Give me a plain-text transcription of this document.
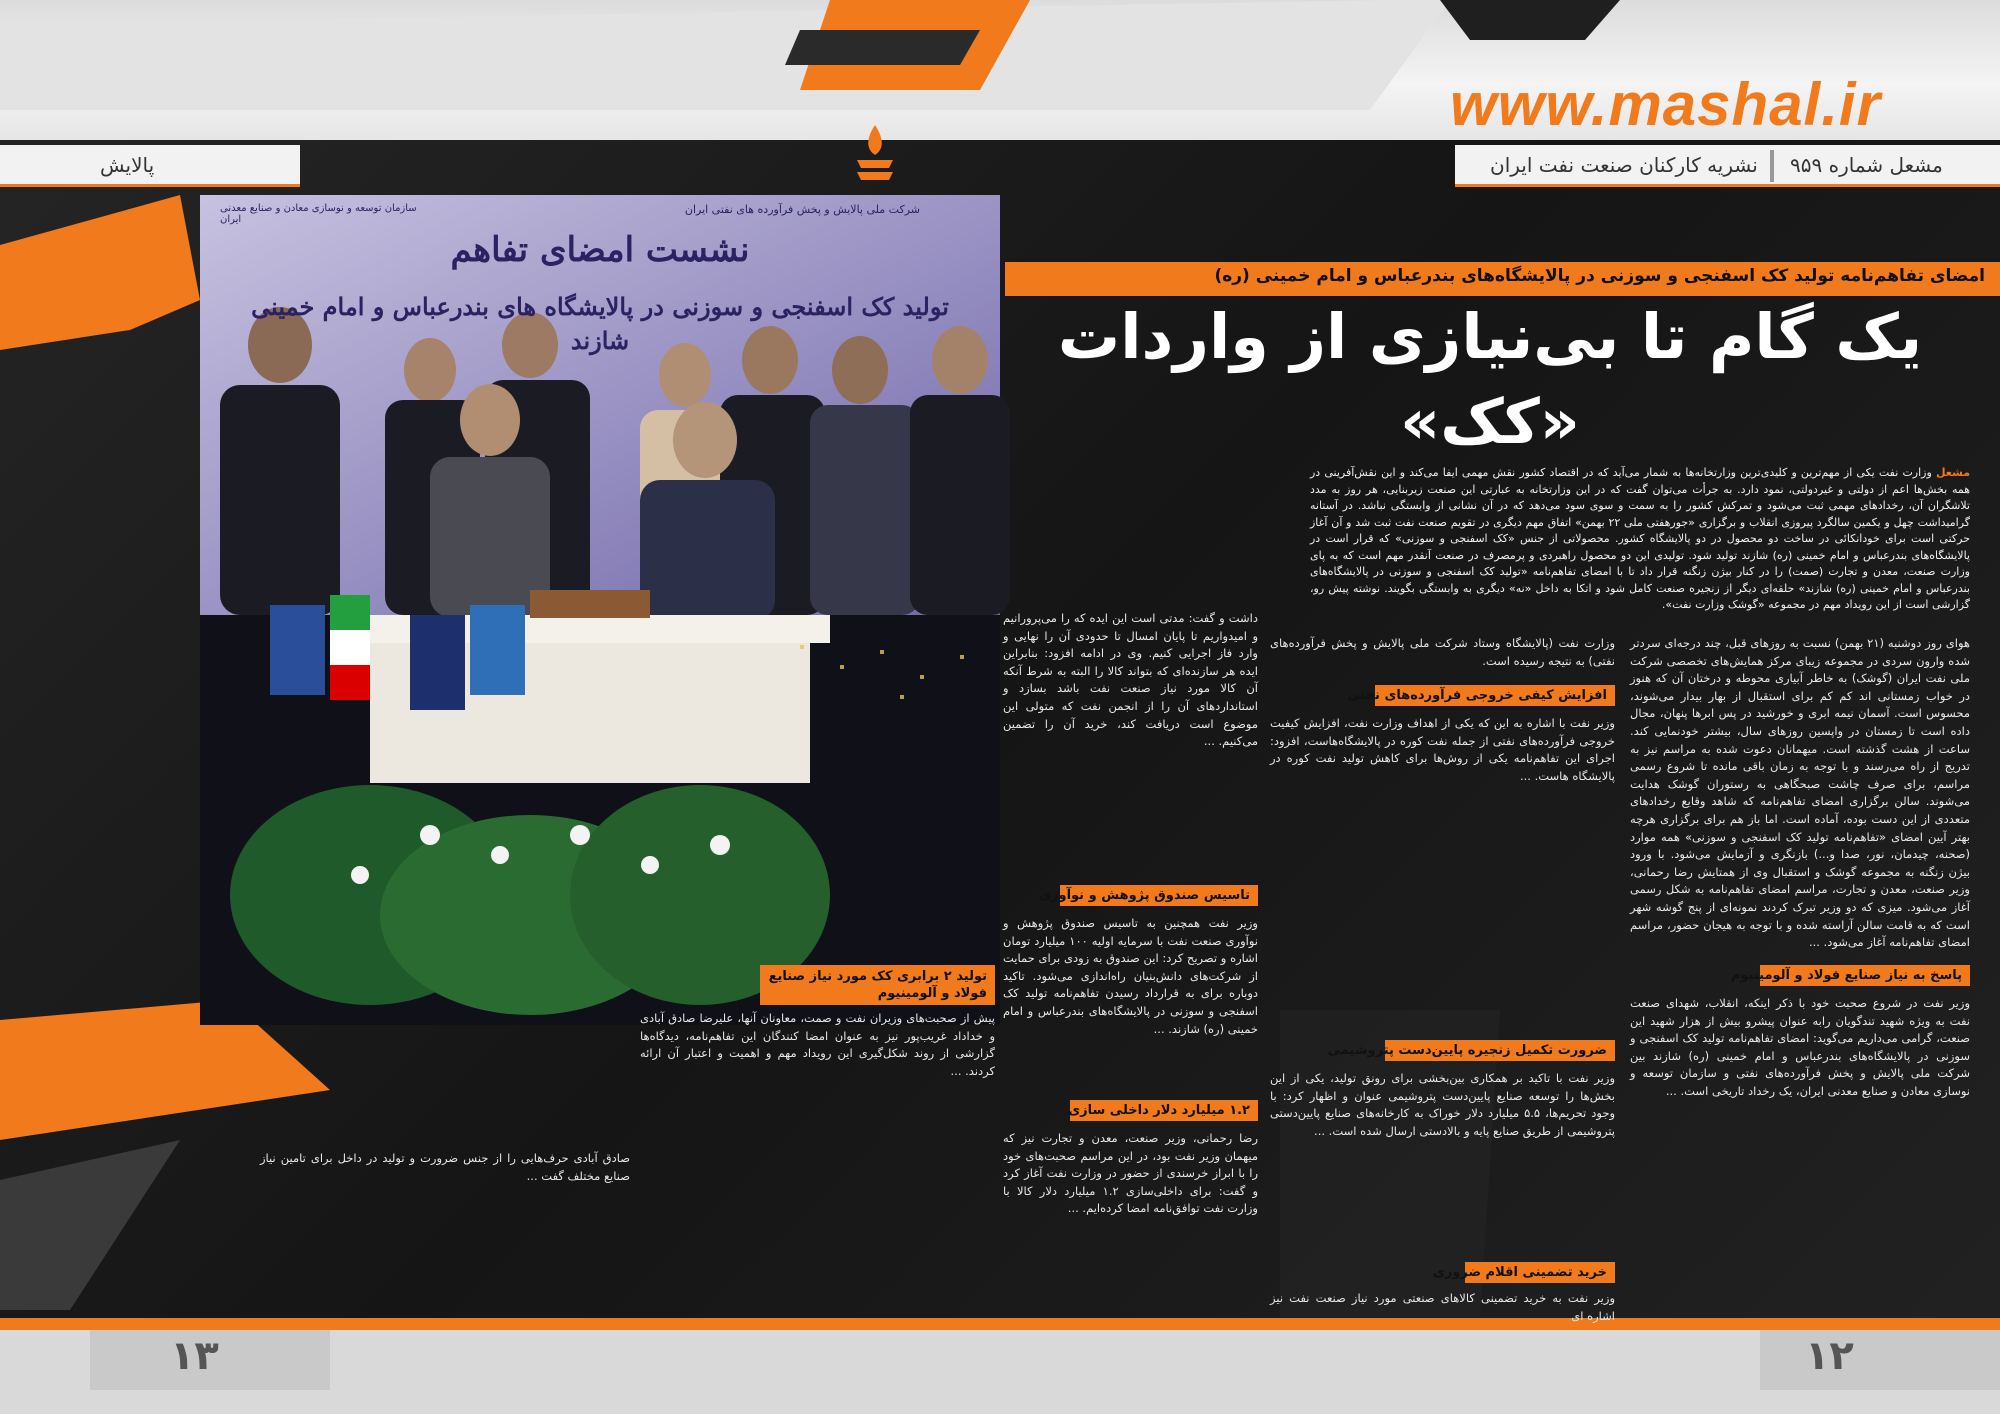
www.mashal.ir
مشعل شماره ۹۵۹
نشریه کارکنان صنعت نفت ایران
پالایش
نشست امضای تفاهم
تولید کک اسفنجی و سوزنی در پالایشگاه های بندرعباس و امام خمینی شازند
شرکت ملی پالایش و پخش فرآورده های نفتی ایران
سازمان توسعه و نوسازی معادن و صنایع معدنی ایران
امضای تفاهم‌نامه تولید کک اسفنجی و سوزنی در پالایشگاه‌های بندرعباس و امام خمینی (ره)
یک گام تا بی‌نیازی از واردات
«کک»
مشعل وزارت نفت یکی از مهم‌ترین و کلیدی‌ترین وزارتخانه‌ها به شمار می‌آید که در اقتصاد کشور نقش مهمی ایفا می‌کند و این نقش‌آفرینی در همه بخش‌ها اعم از دولتی و غیردولتی، نمود دارد. به جرأت می‌توان گفت که در این وزارتخانه به عبارتی این صنعت زیربنایی، هر روز به مدد تلاشگران آن، رخدادهای مهمی ثبت می‌شود و تمرکش کشور را به سمت و سوی سود می‌دهد که در آن نشانی از وابستگی نباشد. در آستانه گرامیداشت چهل و یکمین سالگرد پیروزی انقلاب و برگزاری «جورهفتی ملی ۲۲ بهمن» اتفاق مهم دیگری در تقویم صنعت نفت ثبت شد و آن آغاز حرکتی است برای خودانکائی در ساخت دو محصول در دو پالایشگاه کشور. محصولاتی از جنس «کک اسفنجی و سوزنی» که قرار است در پالایشگاه‌های بندرعباس و امام خمینی (ره) شازند تولید شود. تولیدی این دو محصول راهبردی و پرمصرف در صنعت آنقدر مهم است که به پای وزارت صنعت، معدن و تجارت (صمت) را در کنار بیژن زنگنه قرار داد تا با امضای تفاهم‌نامه «تولید کک اسفنجی و سوزنی در پالایشگاه‌های بندرعباس و امام خمینی (ره) شازند» حلقه‌ای دیگر از زنجیره صنعت کامل شود و اتکا به داخل «نه» دیگری به وابستگی بگویند. نوشته پیش رو، گزارشی است از این رویداد مهم در مجموعه «گوشک وزارت نفت».
هوای روز دوشنبه (۲۱ بهمن) نسبت به روزهای قبل، چند درجه‌ای سردتر شده وارون سردی در مجموعه زیبای مرکز همایش‌های تخصصی شرکت ملی نفت ایران (گوشک) به خاطر آبیاری محوطه و درختان آن که هنوز در خواب زمستانی اند کم کم برای استقبال از بهار بیدار می‌شوند، محسوس است. آسمان نیمه ابری و خورشید در پس ابرها پنهان، مجال داده است تا زمستان در واپسین روزهای سال، بیشتر خودنمایی کند. ساعت از هشت گذشته است. میهمانان دعوت شده به مراسم نیز به تدریج از راه می‌رسند و با توجه به زمان باقی مانده تا شروع رسمی مراسم، برای صرف چاشت صبحگاهی به رستوران گوشک هدایت می‌شوند. سالن برگزاری امضای تفاهم‌نامه که شاهد وقایع رخدادهای متعددی از این دست بوده، آماده است. اما باز هم برای برگزاری هرچه بهتر آیین امضای «تفاهم‌نامه تولید کک اسفنجی و سوزنی» همه موارد (صحنه، چیدمان، نور، صدا و...) بازنگری و آزمایش می‌شود. با ورود بیژن زنگنه به مجموعه گوشک و استقبال وی از همتایش رضا رحمانی، وزیر صنعت، معدن و تجارت، مراسم امضای تفاهم‌نامه به شکل رسمی آغاز می‌شود. میزی که دو وزیر تبرک کردند نمونه‌ای از پنج گوشه شهر است که به قامت سالن آراسته شده و با توجه به هیجان حضور، مراسم امضای تفاهم‌نامه آغاز می‌شود. ...
پاسخ به نیاز صنایع فولاد و آلومینیوم
وزیر نفت در شروع صحبت خود با ذکر اینکه، انقلاب، شهدای صنعت نفت به ویژه شهید تندگویان رابه عنوان پیشرو بیش از هزار شهید این صنعت، گرامی می‌داریم می‌گوید: امضای تفاهم‌نامه تولید کک اسفنجی و سوزنی در پالایشگاه‌های بندرعباس و امام خمینی (ره) شازند بین شرکت ملی پالایش و پخش فرآورده‌های نفتی و سازمان توسعه و نوسازی معادن و صنایع معدنی ایران، یک رخداد تاریخی است. ...
وزارت نفت (پالایشگاه وستاد شرکت ملی پالایش و پخش فرآورده‌های نفتی) به نتیجه رسیده است.
افزایش کیفی خروجی فرآورده‌های نفتی
وزیر نفت با اشاره به این که یکی از اهداف وزارت نفت، افزایش کیفیت خروجی فرآورده‌های نفتی از جمله نفت کوره در پالایشگاه‌هاست، افزود: اجرای این تفاهم‌نامه یکی از روش‌ها برای کاهش تولید نفت کوره در پالایشگاه هاست. ...
ضرورت تکمیل زنجیره پایین‌دست پتروشیمی
وزیر نفت با تاکید بر همکاری بین‌بخشی برای رونق تولید، یکی از این بخش‌ها را توسعه صنایع پایین‌دست پتروشیمی عنوان و اظهار کرد: با وجود تحریم‌ها، ۵.۵ میلیارد دلار خوراک به کارخانه‌های صنایع پایین‌دستی پتروشیمی از طریق صنایع پایه و بالادستی ارسال شده است. ...
خرید تضمینی اقلام ضروری
وزیر نفت به خرید تضمینی کالاهای صنعتی مورد نیاز صنعت نفت نیز اشاره ای
داشت و گفت: مدتی است این ایده که را می‌پرورانیم و امیدواریم تا پایان امسال تا حدودی آن را نهایی و وارد فاز اجرایی کنیم. وی در ادامه افزود: بنابراین ایده هر سازنده‌ای که بتواند کالا را البته به شرط آنکه آن کالا مورد نیاز صنعت نفت باشد بسازد و استانداردهای آن را از انجمن نفت که متولی این موضوع است دریافت کند، خرید آن را تضمین می‌کنیم. ...
تاسیس صندوق پژوهش و نوآوری
وزیر نفت همچنین به تاسیس صندوق پژوهش و نوآوری صنعت نفت با سرمایه اولیه ۱۰۰ میلیارد تومان اشاره و تصریح کرد: این صندوق به زودی برای حمایت از شرکت‌های دانش‌بنیان راه‌اندازی می‌شود. تاکید دوباره برای به قرارداد رسیدن تفاهم‌نامه تولید کک اسفنجی و سوزنی در پالایشگاه‌های بندرعباس و امام خمینی (ره) شازند. ...
۱.۲ میلیارد دلار داخلی سازی
رضا رحمانی، وزیر صنعت، معدن و تجارت نیز که میهمان وزیر نفت بود، در این مراسم صحبت‌های خود را با ابراز خرسندی از حضور در وزارت نفت آغاز کرد و گفت: برای داخلی‌سازی ۱.۲ میلیارد دلار کالا با وزارت نفت توافق‌نامه امضا کرده‌ایم. ...
تولید ۲ برابری کک مورد نیاز صنایع فولاد و آلومینیوم
پیش از صحبت‌های وزیران نفت و صمت، معاونان آنها، علیرضا صادق آبادی و خداداد غریب‌پور نیز به عنوان امضا کنندگان این تفاهم‌نامه، دیدگاه‌ها گزارشی از روند شکل‌گیری این رویداد مهم و اهمیت و اعتبار آن ارائه کردند. ...
صادق آبادی حرف‌هایی را از جنس ضرورت و تولید در داخل برای تامین نیاز صنایع مختلف گفت ...
۱۳	۱۲
